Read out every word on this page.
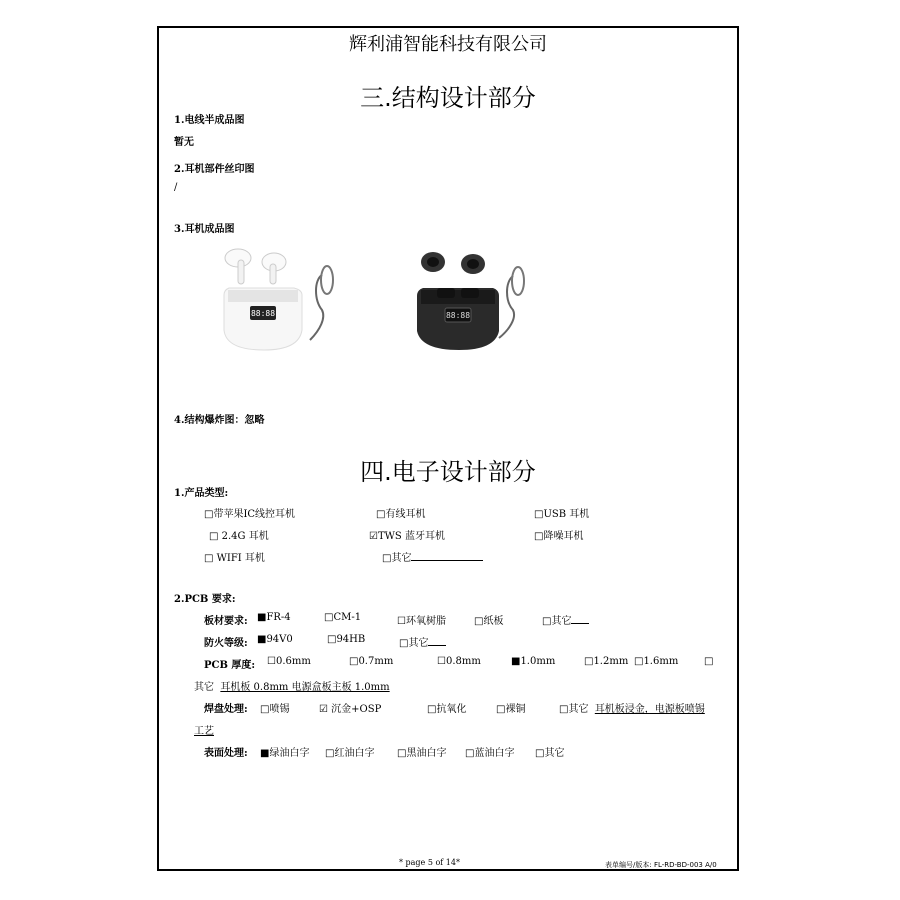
辉利浦智能科技有限公司
三.结构设计部分
1.电线半成品图
暂无
2.耳机部件丝印图
/
3.耳机成品图
88:88	88:88
4.结构爆炸图：忽略
四.电子设计部分
1.产品类型:
□带苹果IC线控耳机	□有线耳机	□USB 耳机
□ 2.4G 耳机	☑TWS 蓝牙耳机	□降噪耳机
□ WIFI 耳机	□其它
2.PCB 要求:
板材要求: ■FR-4	□CM-1	☐环氧树脂	□纸板	□其它
防火等级: ■94V0	□94HB	□其它
PCB 厚度: ☐0.6mm	□0.7mm	☐0.8mm	■1.0mm	□1.2mm □1.6mm	□
其它 耳机板 0.8mm 电源盒板主板 1.0mm
焊盘处理: □喷锡	☑ 沉金+OSP	□抗氧化	□裸铜	□其它 耳机板浸金，电源板喷锡
工艺
表面处理: ■绿油白字 □红油白字 □黑油白字 □蓝油白字 □其它
* page 5 of 14*	表单编号/版本: FL-RD-BD-003 A/0
